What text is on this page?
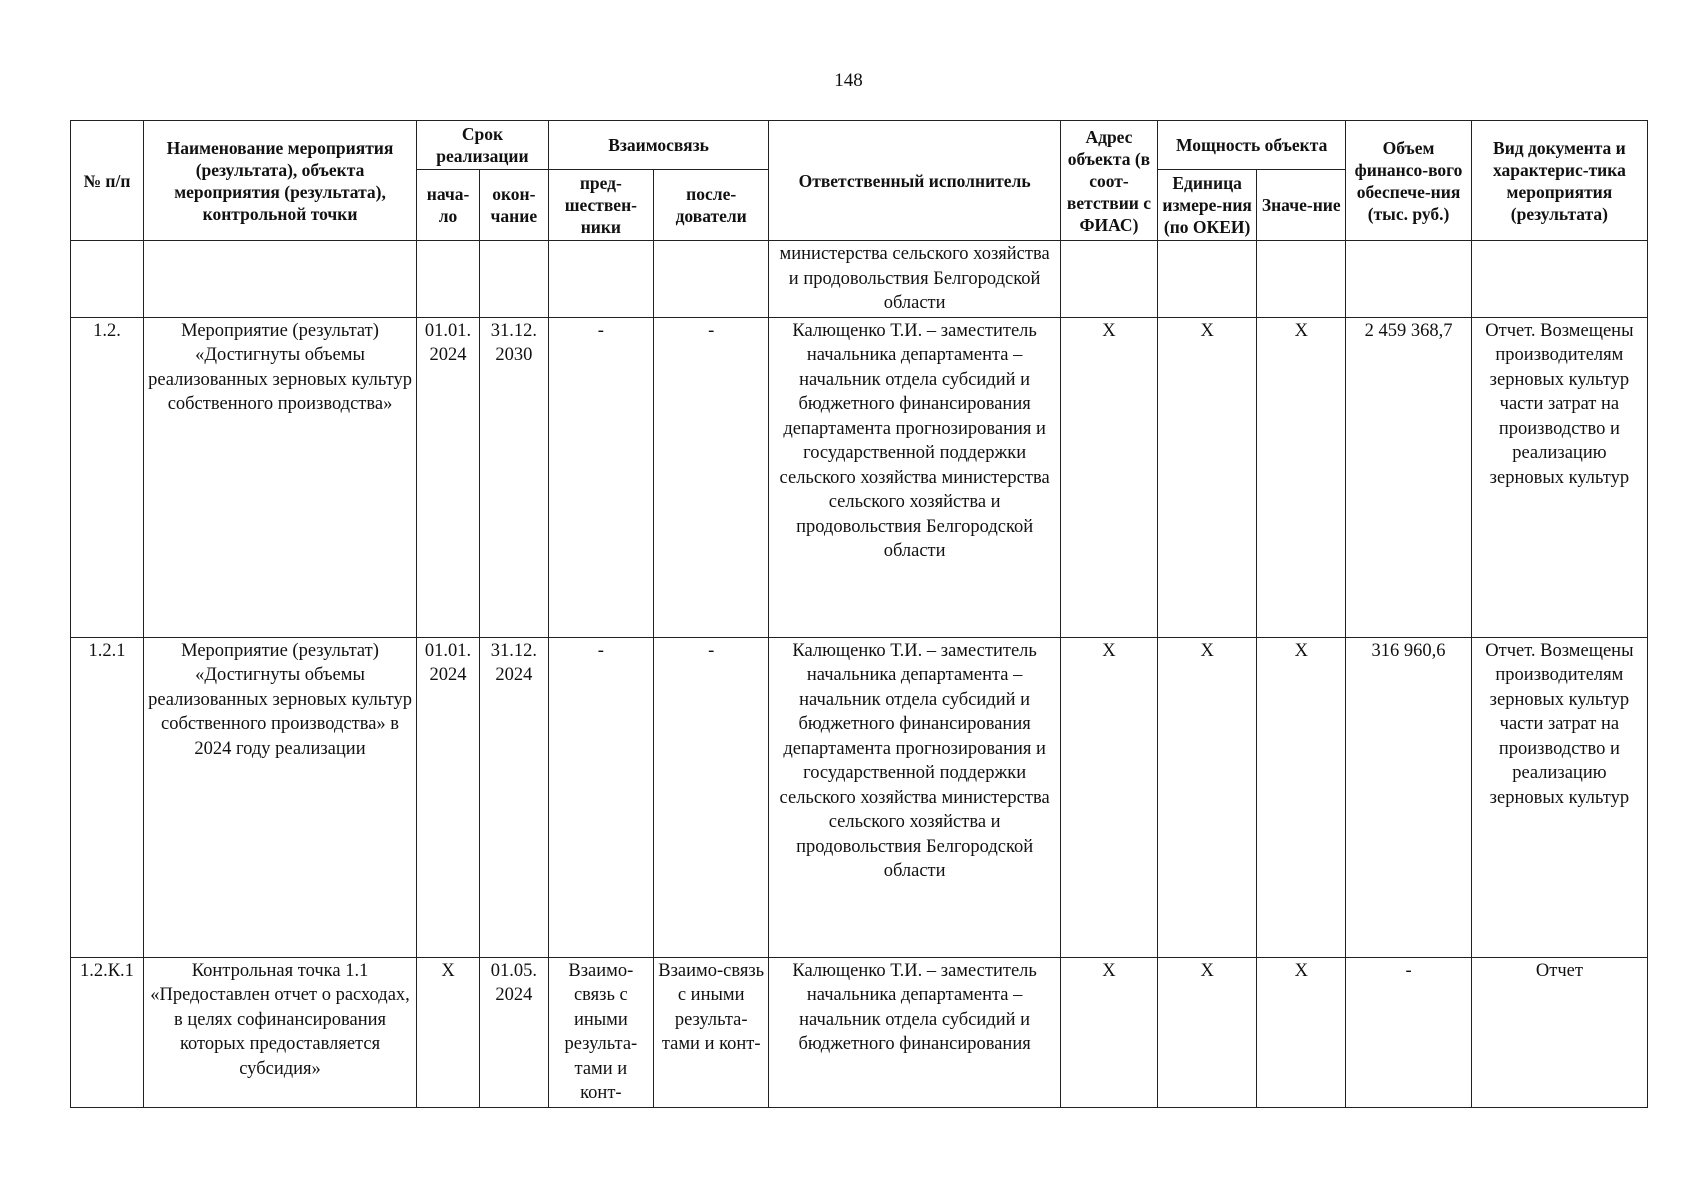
148
№ п/п	Наименование мероприятия (результата), объекта мероприятия (результата), контрольной точки	Срок реализации		Взаимосвязь		Ответственный исполнитель	Адрес объекта (в соот-ветствии с ФИАС)	Мощность объекта		Объем финансо-вого обеспече-ния (тыс. руб.)	Вид документа и характерис-тика мероприятия (результата)
		нача-ло	окон-чание	пред-шествен-ники	после-дователи			Единица измере-ния (по ОКЕИ)	Значе-ние		
						министерства сельского хозяйства и продовольствия Белгородской области					
1.2.	Мероприятие (результат) «Достигнуты объемы реализованных зерновых культур собственного производства»	01.01. 2024	31.12. 2030	-	-	Калющенко Т.И. – заместитель начальника департамента – начальник отдела субсидий и бюджетного финансирования департамента прогнозирования и государственной поддержки сельского хозяйства министерства сельского хозяйства и продовольствия Белгородской области	Х	Х	Х	2 459 368,7	Отчет. Возмещены производителям зерновых культур части затрат на производство и реализацию зерновых культур
1.2.1	Мероприятие (результат) «Достигнуты объемы реализованных зерновых культур собственного производства» в 2024 году реализации	01.01. 2024	31.12. 2024	-	-	Калющенко Т.И. – заместитель начальника департамента – начальник отдела субсидий и бюджетного финансирования департамента прогнозирования и государственной поддержки сельского хозяйства министерства сельского хозяйства и продовольствия Белгородской области	Х	Х	Х	316 960,6	Отчет. Возмещены производителям зерновых культур части затрат на производство и реализацию зерновых культур
1.2.К.1	Контрольная точка 1.1 «Предоставлен отчет о расходах, в целях софинансирования которых предоставляется субсидия»	Х	01.05. 2024	Взаимо-связь с иными результа-тами и конт-	Взаимо-связь с иными результа-тами и конт-	Калющенко Т.И. – заместитель начальника департамента – начальник отдела субсидий и бюджетного финансирования	Х	Х	Х	-	Отчет
